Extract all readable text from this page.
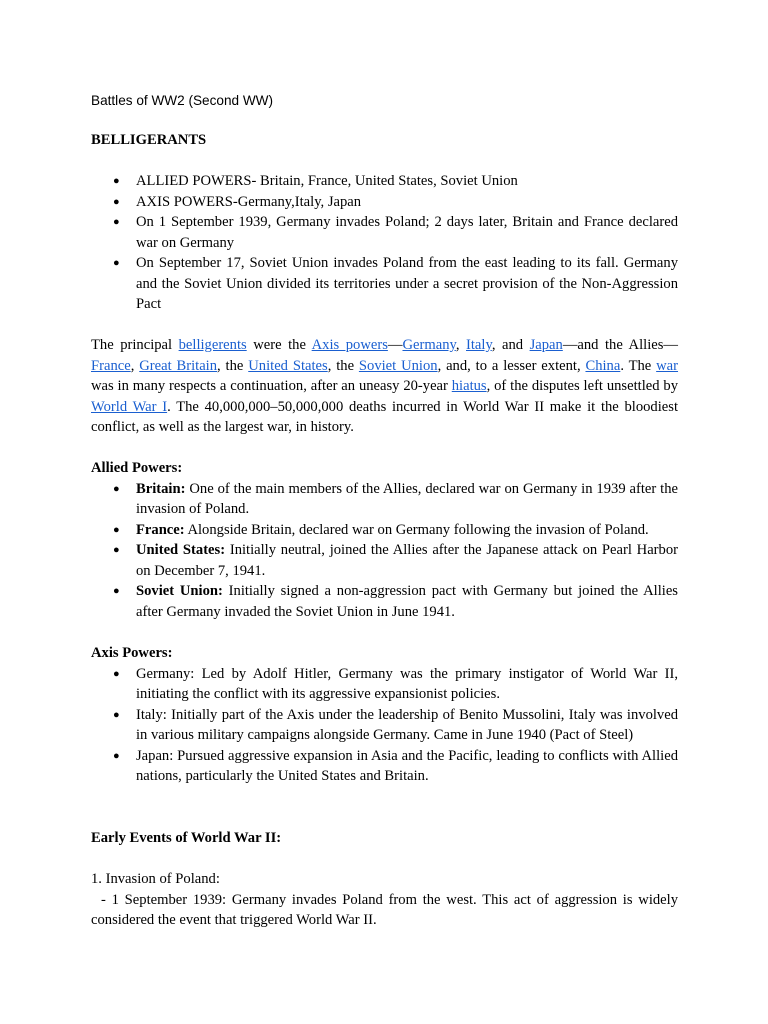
Battles of WW2 (Second WW)

BELLIGERANTS

● ALLIED POWERS- Britain, France, United States, Soviet Union
● AXIS POWERS-Germany,Italy, Japan
● On 1 September 1939, Germany invades Poland; 2 days later, Britain and France declared war on Germany
● On September 17, Soviet Union invades Poland from the east leading to its fall. Germany and the Soviet Union divided its territories under a secret provision of the Non-Aggression Pact

The principal belligerents were the Axis powers—Germany, Italy, and Japan—and the Allies—France, Great Britain, the United States, the Soviet Union, and, to a lesser extent, China. The war was in many respects a continuation, after an uneasy 20-year hiatus, of the disputes left unsettled by World War I. The 40,000,000–50,000,000 deaths incurred in World War II make it the bloodiest conflict, as well as the largest war, in history.

Allied Powers:

● Britain: One of the main members of the Allies, declared war on Germany in 1939 after the invasion of Poland.
● France: Alongside Britain, declared war on Germany following the invasion of Poland.
● United States: Initially neutral, joined the Allies after the Japanese attack on Pearl Harbor on December 7, 1941.
● Soviet Union: Initially signed a non-aggression pact with Germany but joined the Allies after Germany invaded the Soviet Union in June 1941.

Axis Powers:

● Germany: Led by Adolf Hitler, Germany was the primary instigator of World War II, initiating the conflict with its aggressive expansionist policies.
● Italy: Initially part of the Axis under the leadership of Benito Mussolini, Italy was involved in various military campaigns alongside Germany. Came in June 1940 (Pact of Steel)
● Japan: Pursued aggressive expansion in Asia and the Pacific, leading to conflicts with Allied nations, particularly the United States and Britain.

Early Events of World War II:

1. Invasion of Poland:

- 1 September 1939: Germany invades Poland from the west. This act of aggression is widely considered the event that triggered World War II.
